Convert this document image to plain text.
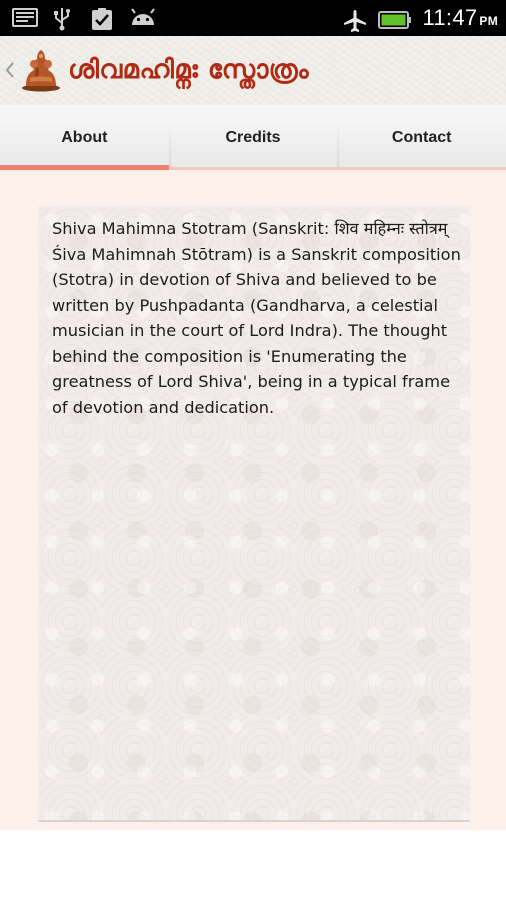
11:47 PM
ശിവമഹിമ്നഃ സ്തോത്രം
About	Credits	Contact

Shiva Mahimna Stotram (Sanskrit: शिव महिम्नः स्तोत्रम् Śiva Mahimnah Stōtram) is a Sanskrit composition (Stotra) in devotion of Shiva and believed to be written by Pushpadanta (Gandharva, a celestial musician in the court of Lord Indra). The thought behind the composition is 'Enumerating the greatness of Lord Shiva', being in a typical frame of devotion and dedication.
